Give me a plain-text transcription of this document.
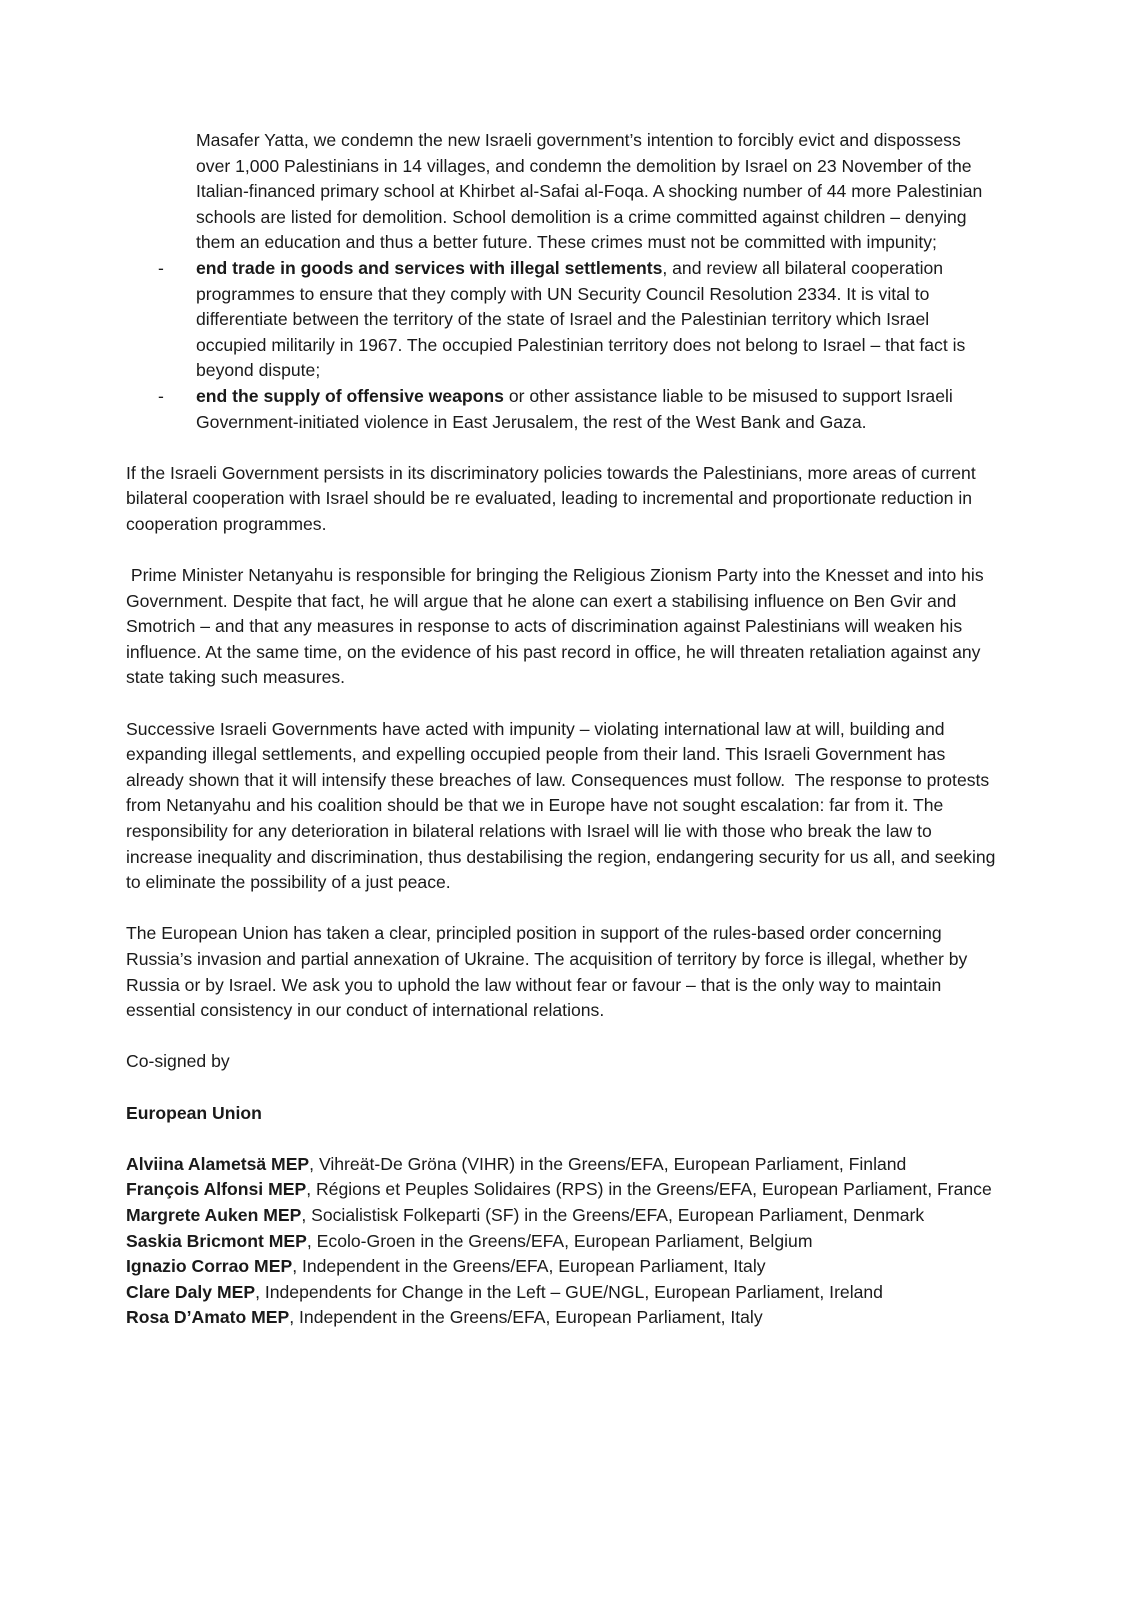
Masafer Yatta, we condemn the new Israeli government’s intention to forcibly evict and dispossess over 1,000 Palestinians in 14 villages, and condemn the demolition by Israel on 23 November of the Italian-financed primary school at Khirbet al-Safai al-Foqa. A shocking number of 44 more Palestinian schools are listed for demolition. School demolition is a crime committed against children – denying them an education and thus a better future. These crimes must not be committed with impunity;
- end trade in goods and services with illegal settlements, and review all bilateral cooperation programmes to ensure that they comply with UN Security Council Resolution 2334. It is vital to differentiate between the territory of the state of Israel and the Palestinian territory which Israel occupied militarily in 1967. The occupied Palestinian territory does not belong to Israel – that fact is beyond dispute;
- end the supply of offensive weapons or other assistance liable to be misused to support Israeli Government-initiated violence in East Jerusalem, the rest of the West Bank and Gaza.

If the Israeli Government persists in its discriminatory policies towards the Palestinians, more areas of current bilateral cooperation with Israel should be re evaluated, leading to incremental and proportionate reduction in cooperation programmes.

Prime Minister Netanyahu is responsible for bringing the Religious Zionism Party into the Knesset and into his Government. Despite that fact, he will argue that he alone can exert a stabilising influence on Ben Gvir and Smotrich – and that any measures in response to acts of discrimination against Palestinians will weaken his influence. At the same time, on the evidence of his past record in office, he will threaten retaliation against any state taking such measures.

Successive Israeli Governments have acted with impunity – violating international law at will, building and expanding illegal settlements, and expelling occupied people from their land. This Israeli Government has already shown that it will intensify these breaches of law. Consequences must follow.  The response to protests from Netanyahu and his coalition should be that we in Europe have not sought escalation: far from it. The responsibility for any deterioration in bilateral relations with Israel will lie with those who break the law to increase inequality and discrimination, thus destabilising the region, endangering security for us all, and seeking to eliminate the possibility of a just peace.

The European Union has taken a clear, principled position in support of the rules-based order concerning Russia’s invasion and partial annexation of Ukraine. The acquisition of territory by force is illegal, whether by Russia or by Israel. We ask you to uphold the law without fear or favour – that is the only way to maintain essential consistency in our conduct of international relations.

Co-signed by

European Union

Alviina Alametsä MEP, Vihreät-De Gröna (VIHR) in the Greens/EFA, European Parliament, Finland

François Alfonsi MEP, Régions et Peuples Solidaires (RPS) in the Greens/EFA, European Parliament, France

Margrete Auken MEP, Socialistisk Folkeparti (SF) in the Greens/EFA, European Parliament, Denmark

Saskia Bricmont MEP, Ecolo-Groen in the Greens/EFA, European Parliament, Belgium

Ignazio Corrao MEP, Independent in the Greens/EFA, European Parliament, Italy

Clare Daly MEP, Independents for Change in the Left – GUE/NGL, European Parliament, Ireland

Rosa D’Amato MEP, Independent in the Greens/EFA, European Parliament, Italy
